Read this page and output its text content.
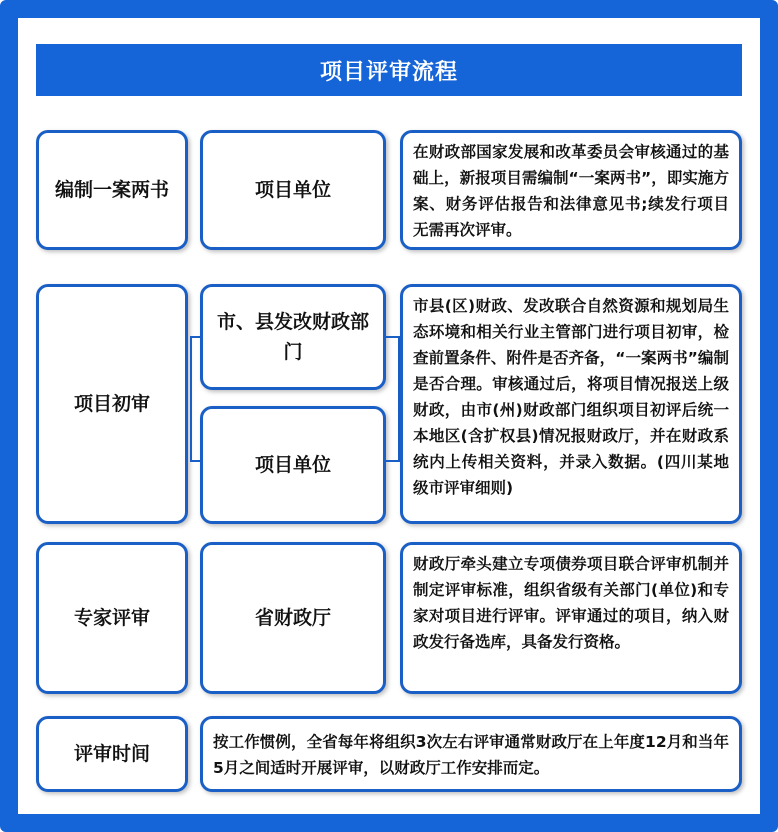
项目评审流程
编制一案两书	项目单位
在财政部国家发展和改革委员会审核通过的基础上，新报项目需编制“一案两书”，即实施方案、财务评估报告和法律意见书;续发行项目无需再次评审。
项目初审
市、县发改财政部门
项目单位
市县(区)财政、发改联合自然资源和规划局生态环境和相关行业主管部门进行项目初审，检查前置条件、附件是否齐备，“一案两书”编制是否合理。审核通过后，将项目情况报送上级财政，由市(州)财政部门组织项目初评后统一本地区(含扩权县)情况报财政厅，并在财政系统内上传相关资料，并录入数据。(四川某地级市评审细则)
专家评审	省财政厅
财政厅牵头建立专项债券项目联合评审机制并制定评审标准，组织省级有关部门(单位)和专家对项目进行评审。评审通过的项目，纳入财政发行备选库，具备发行资格。
评审时间
按工作惯例，全省每年将组织3次左右评审通常财政厅在上年度12月和当年5月之间适时开展评审，以财政厅工作安排而定。
